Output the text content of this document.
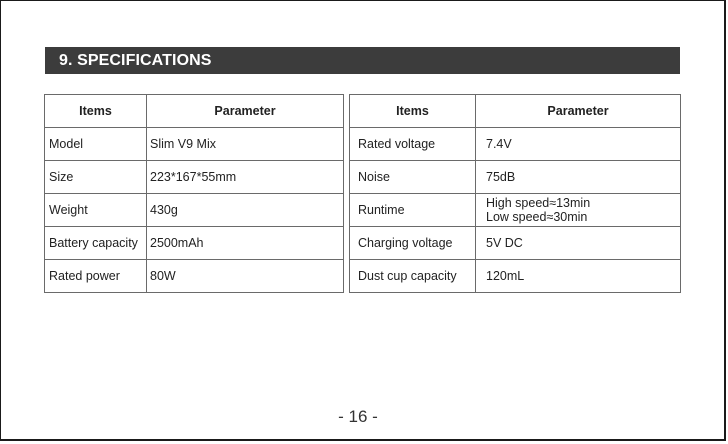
9. SPECIFICATIONS
Items	Parameter
Model	Slim V9 Mix
Size	223*167*55mm
Weight	430g
Battery capacity	2500mAh
Rated power	80W
Items	Parameter
Rated voltage	7.4V
Noise	75dB
Runtime	High speed≈13min
Low speed≈30min

Charging voltage	5V DC
Dust cup capacity	120mL
- 16 -
